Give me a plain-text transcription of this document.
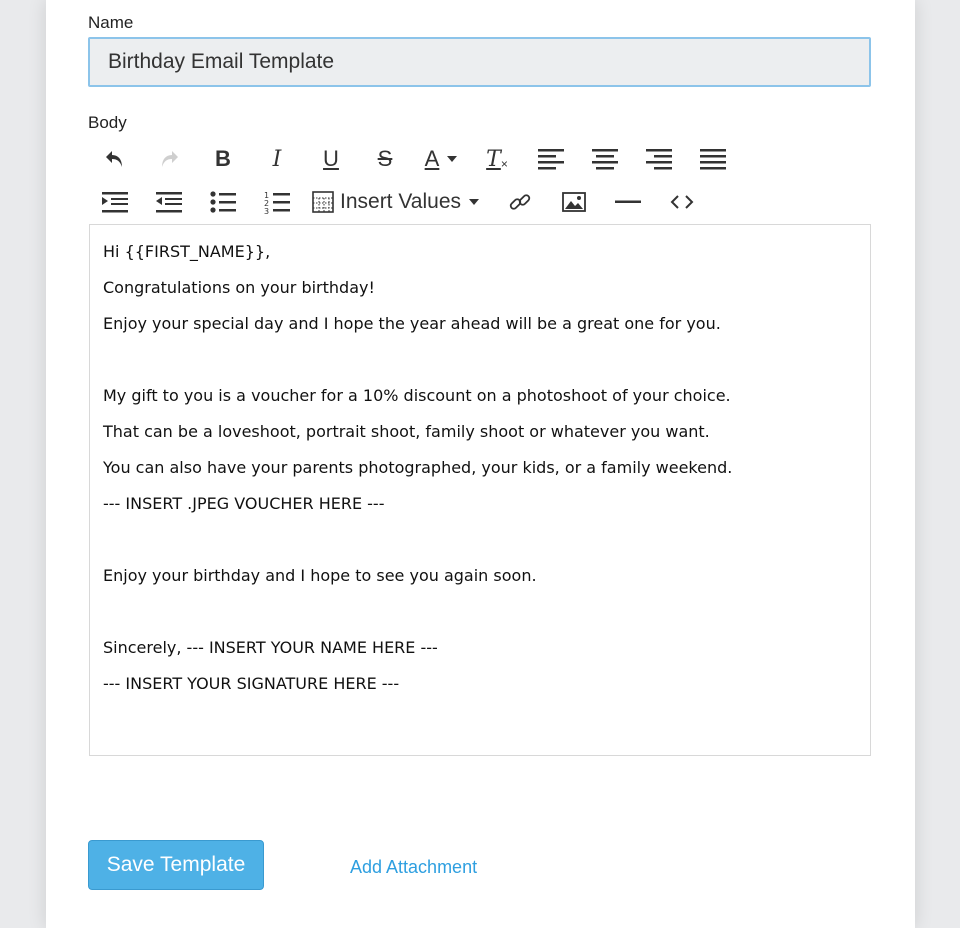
Name
Birthday Email Template
Body
B I U S A T ×
1
2
3	Insert Values
Hi {{FIRST_NAME}},
Congratulations on your birthday!
Enjoy your special day and I hope the year ahead will be a great one for you.
My gift to you is a voucher for a 10% discount on a photoshoot of your choice.
That can be a loveshoot, portrait shoot, family shoot or whatever you want.
You can also have your parents photographed, your kids, or a family weekend.
--- INSERT .JPEG VOUCHER HERE ---
Enjoy your birthday and I hope to see you again soon.
Sincerely, --- INSERT YOUR NAME HERE ---
--- INSERT YOUR SIGNATURE HERE ---
Save Template	Add Attachment
